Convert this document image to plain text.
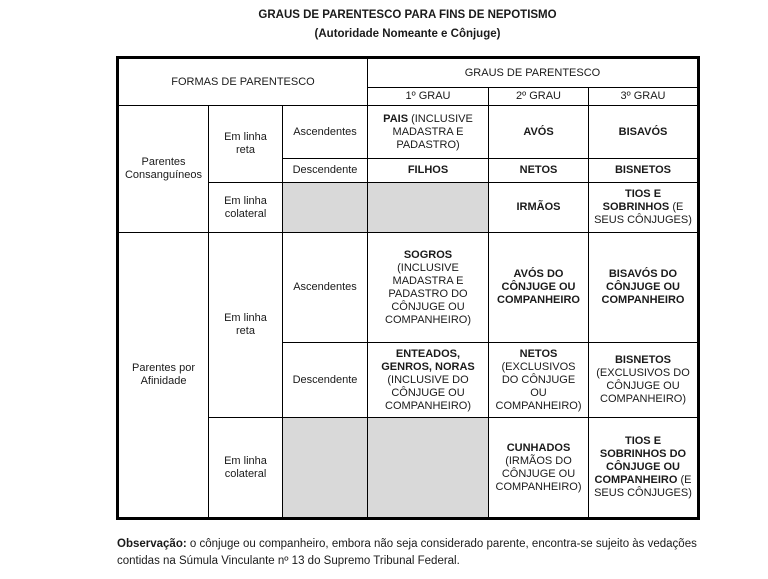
GRAUS DE PARENTESCO PARA FINS DE NEPOTISMO
(Autoridade Nomeante e Cônjuge)
FORMAS DE PARENTESCO			GRAUS DE PARENTESCO		
			1º GRAU	2º GRAU	3º GRAU
Parentes Consanguíneos	Em linha reta	Ascendentes	PAIS (INCLUSIVE MADASTRA E PADASTRO)	AVÓS	BISAVÓS
		Descendente	FILHOS	NETOS	BISNETOS
	Em linha colateral			IRMÃOS	TIOS E SOBRINHOS (E SEUS CÔNJUGES)
Parentes por Afinidade	Em linha reta	Ascendentes	SOGROS (INCLUSIVE MADASTRA E PADASTRO DO CÔNJUGE OU COMPANHEIRO)	AVÓS DO CÔNJUGE OU COMPANHEIRO	BISAVÓS DO CÔNJUGE OU COMPANHEIRO
		Descendente	ENTEADOS, GENROS, NORAS (INCLUSIVE DO CÔNJUGE OU COMPANHEIRO)	NETOS (EXCLUSIVOS DO CÔNJUGE OU COMPANHEIRO)	BISNETOS (EXCLUSIVOS DO CÔNJUGE OU COMPANHEIRO)
	Em linha colateral			CUNHADOS (IRMÃOS DO CÔNJUGE OU COMPANHEIRO)	TIOS E SOBRINHOS DO CÔNJUGE OU COMPANHEIRO (E SEUS CÔNJUGES)
Observação: o cônjuge ou companheiro, embora não seja considerado parente, encontra-se sujeito às vedações contidas na Súmula Vinculante nº 13 do Supremo Tribunal Federal.
